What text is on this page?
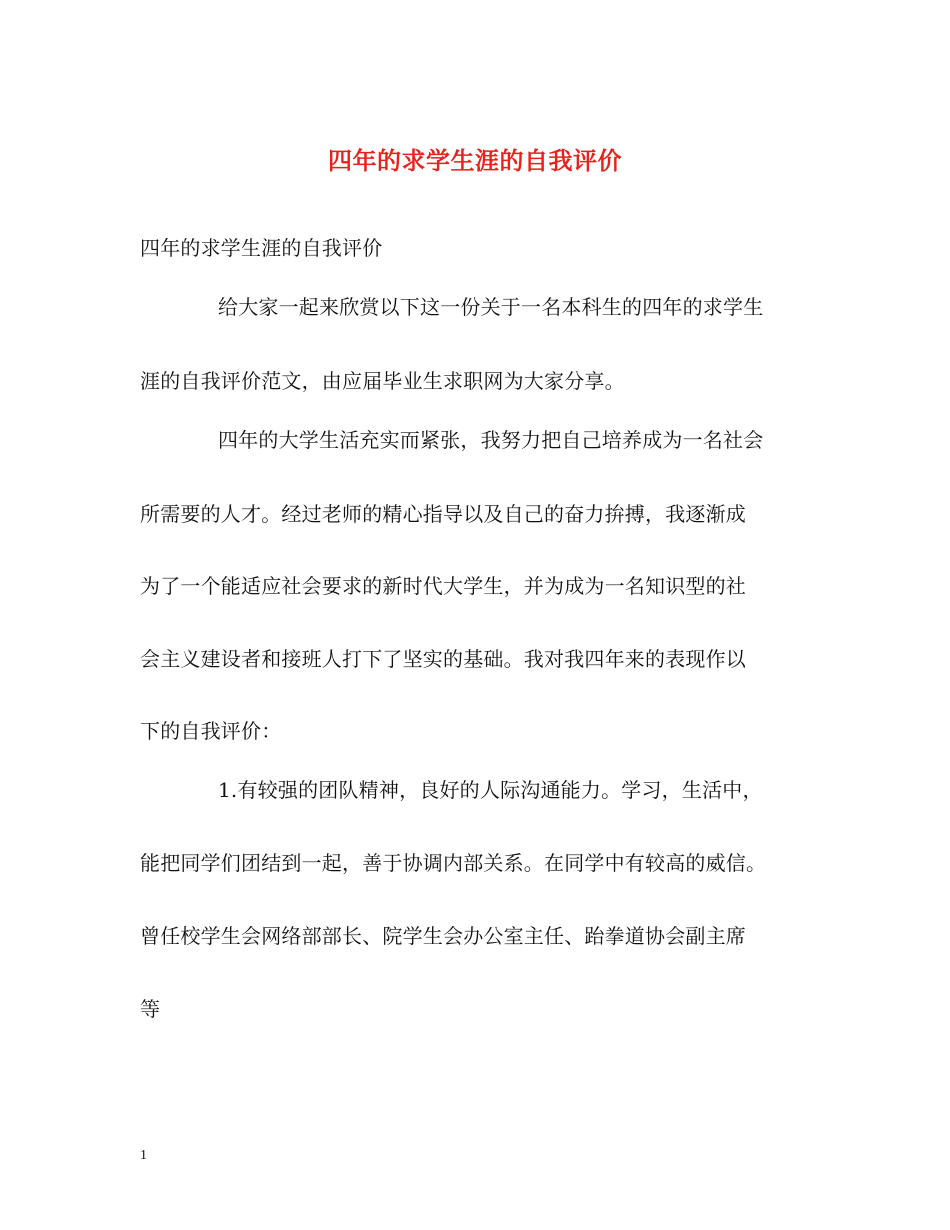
四年的求学生涯的自我评价
四年的求学生涯的自我评价
给大家一起来欣赏以下这一份关于一名本科生的四年的求学生
涯的自我评价范文，由应届毕业生求职网为大家分享。
四年的大学生活充实而紧张，我努力把自己培养成为一名社会
所需要的人才。经过老师的精心指导以及自己的奋力拚搏，我逐渐成
为了一个能适应社会要求的新时代大学生，并为成为一名知识型的社
会主义建设者和接班人打下了坚实的基础。我对我四年来的表现作以
下的自我评价：
1.有较强的团队精神，良好的人际沟通能力。学习，生活中，
能把同学们团结到一起，善于协调内部关系。在同学中有较高的威信。
曾任校学生会网络部部长、院学生会办公室主任、跆拳道协会副主席
等
1
